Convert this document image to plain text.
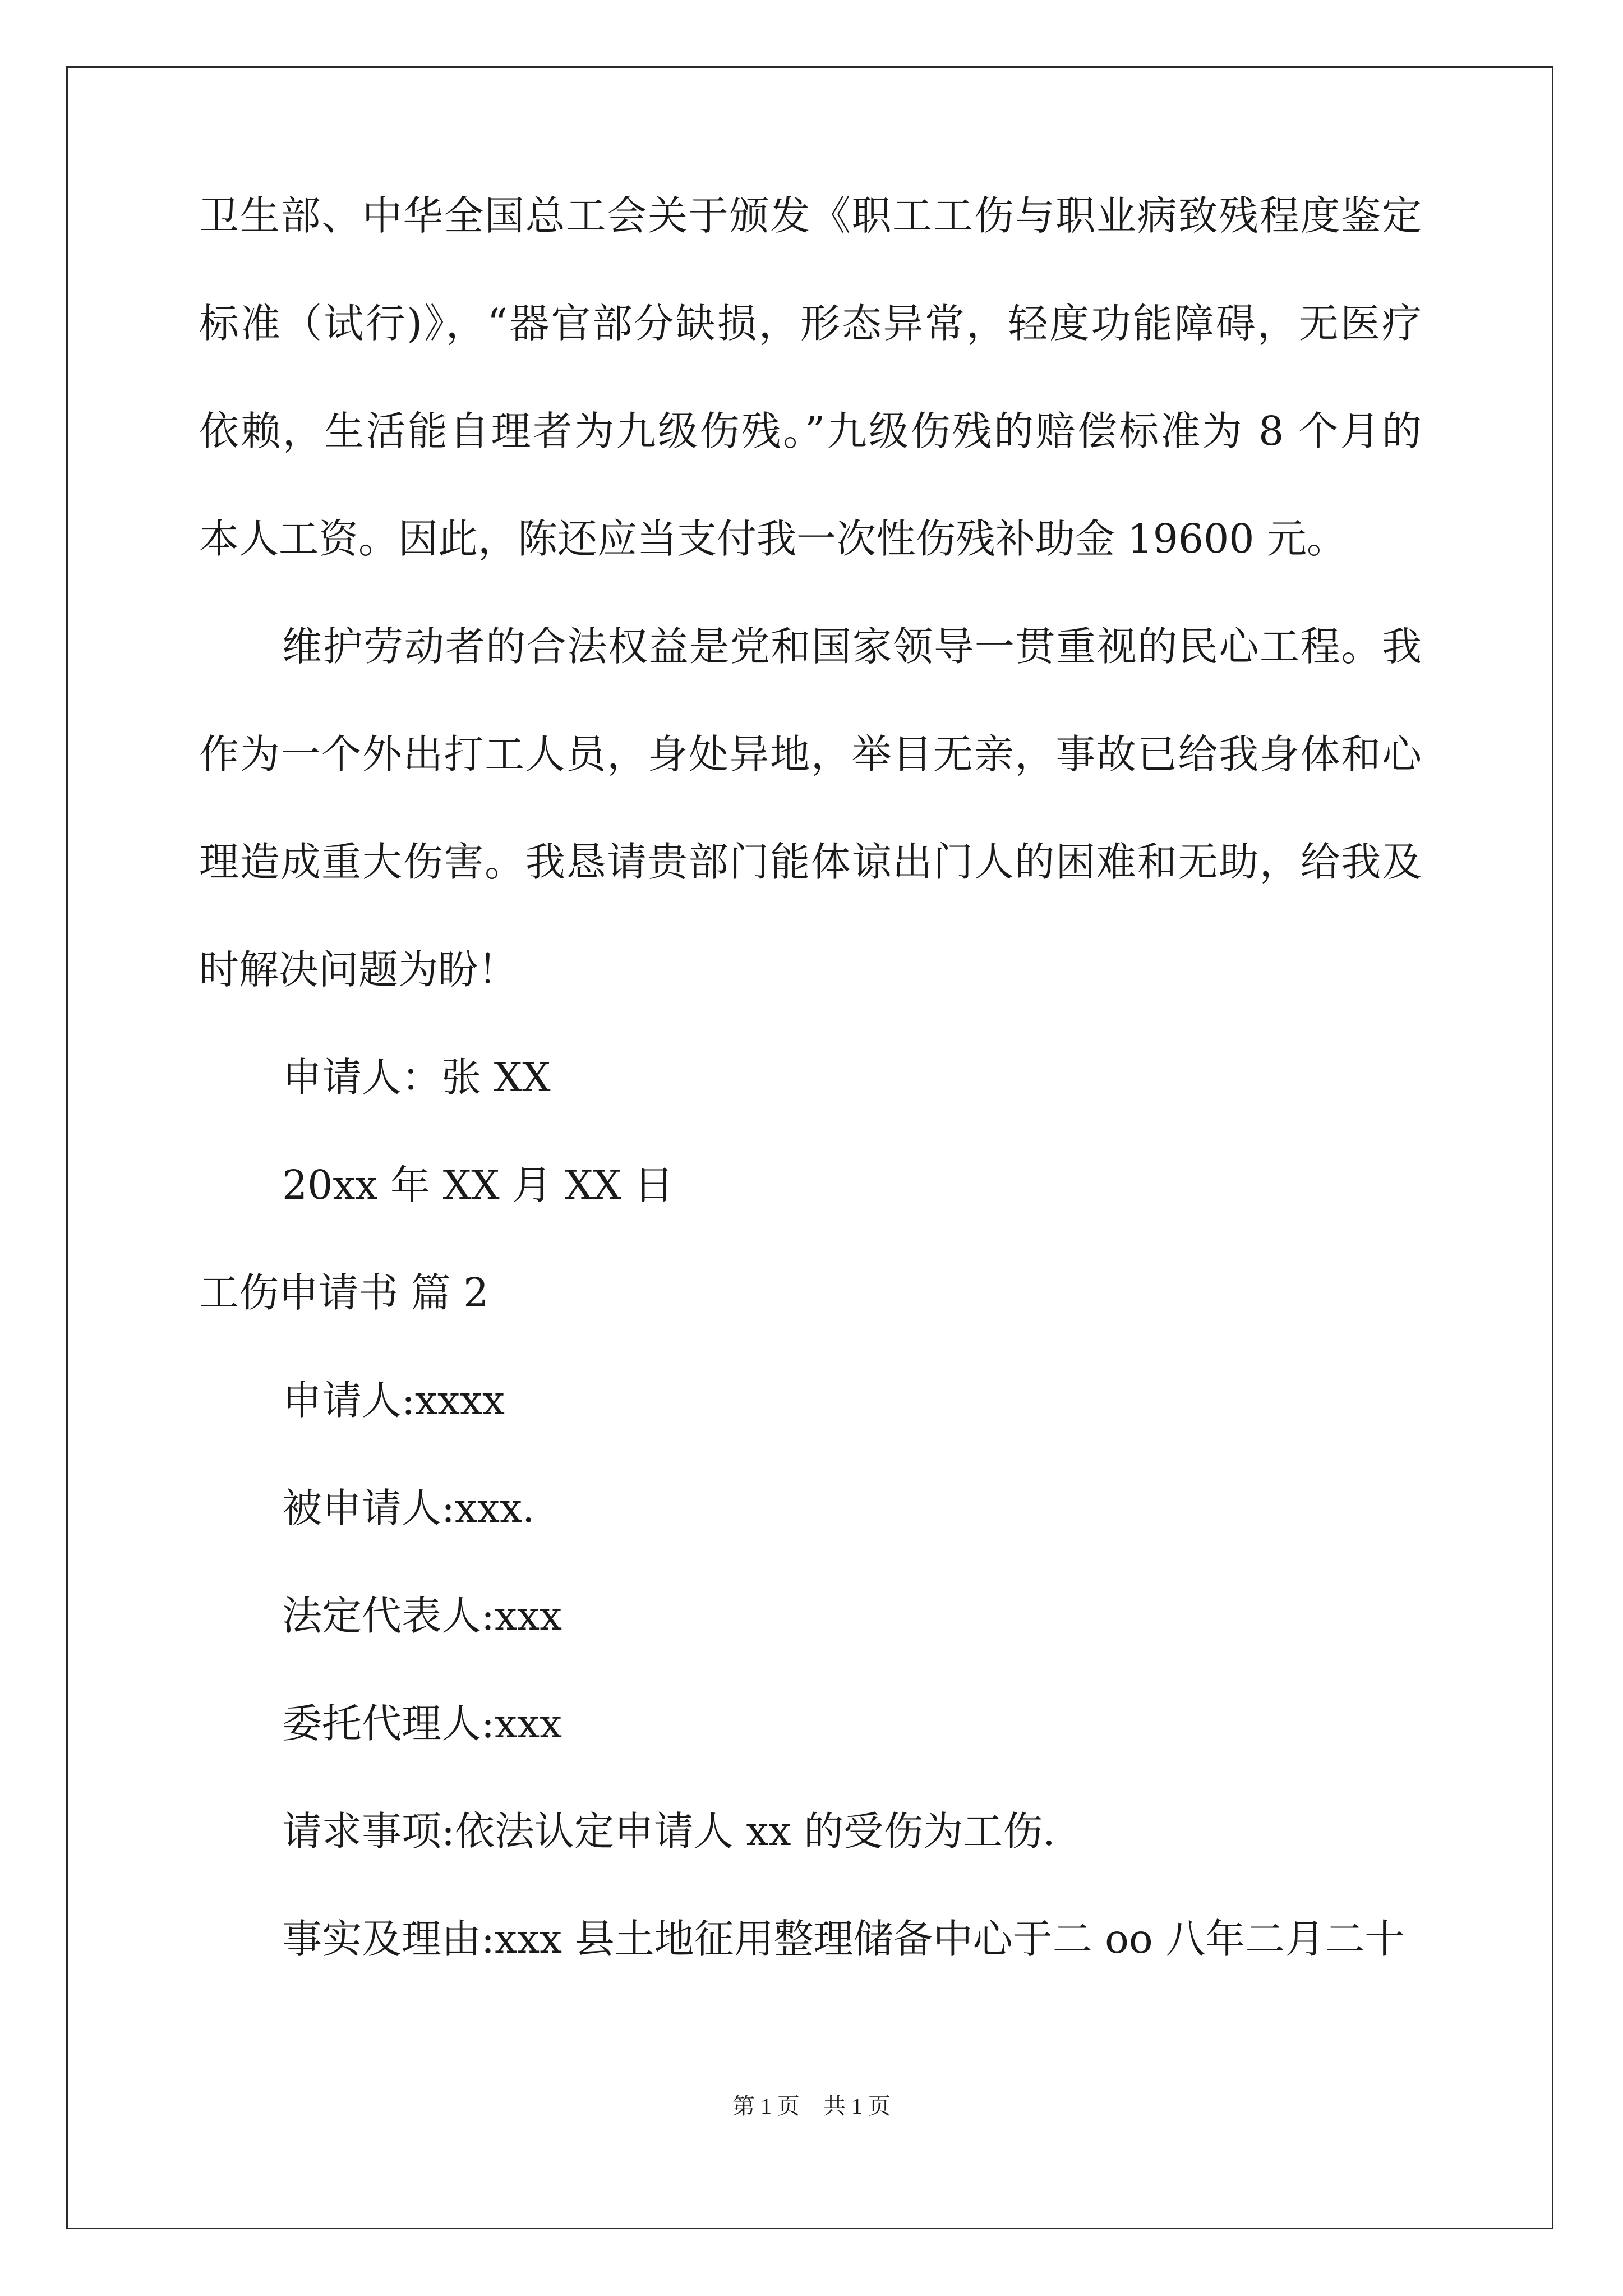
卫生部、中华全国总工会关于颁发《职工工伤与职业病致残程度鉴定
标准（试行)》，“器官部分缺损，形态异常，轻度功能障碍，无医疗
依赖，生活能自理者为九级伤残。”九级伤残的赔偿标准为 8 个月的
本人工资。因此，陈还应当支付我一次性伤残补助金 19600 元。
维护劳动者的合法权益是党和国家领导一贯重视的民心工程。我
作为一个外出打工人员，身处异地，举目无亲，事故已给我身体和心
理造成重大伤害。我恳请贵部门能体谅出门人的困难和无助，给我及
时解决问题为盼！
申请人：张 XX
20xx 年 XX 月 XX 日
工伤申请书 篇 2
申请人:xxxx
被申请人:xxx.
法定代表人:xxx
委托代理人:xxx
请求事项:依法认定申请人 xx 的受伤为工伤.
事实及理由:xxx 县土地征用整理储备中心于二 oo 八年二月二十
第 1 页 共 1 页
